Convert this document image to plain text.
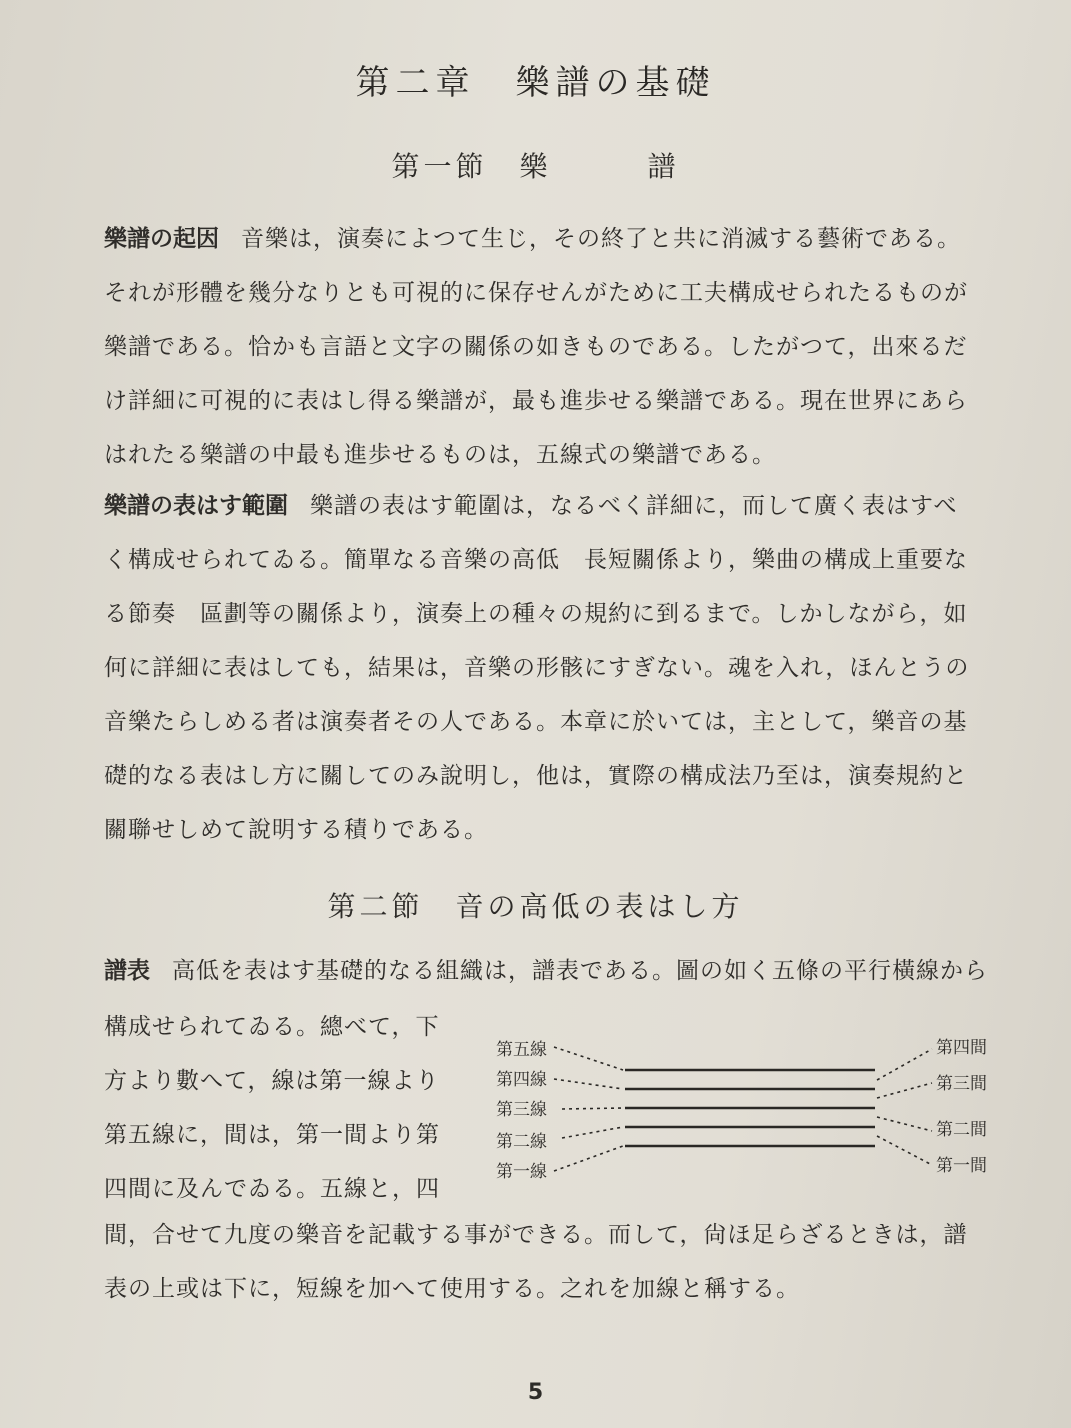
第二章　樂譜の基礎
第一節　樂　　　譜
樂譜の起因 音樂は，演奏によつて生じ，その終了と共に消滅する藝術である。
それが形體を幾分なりとも可視的に保存せんがために工夫構成せられたるものが
樂譜である。恰かも言語と文字の關係の如きものである。したがつて，出來るだ
け詳細に可視的に表はし得る樂譜が，最も進歩せる樂譜である。現在世界にあら
はれたる樂譜の中最も進歩せるものは，五線式の樂譜である。
樂譜の表はす範圍 樂譜の表はす範圍は，なるべく詳細に，而して廣く表はすべ
く構成せられてゐる。簡單なる音樂の高低　長短關係より，樂曲の構成上重要な
る節奏　區劃等の關係より，演奏上の種々の規約に到るまで。しかしながら，如
何に詳細に表はしても，結果は，音樂の形骸にすぎない。魂を入れ，ほんとうの
音樂たらしめる者は演奏者その人である。本章に於いては，主として，樂音の基
礎的なる表はし方に關してのみ說明し，他は，實際の構成法乃至は，演奏規約と
關聯せしめて說明する積りである。
第二節　音の高低の表はし方
譜表 高低を表はす基礎的なる組織は，譜表である。圖の如く五條の平行橫線から
構成せられてゐる。總べて，下
方より數へて，線は第一線より
第五線に，間は，第一間より第
四間に及んでゐる。五線と，四
第五線
第四線
第三線
第二線
第一線
第四間
第三間
第二間
第一間
間，合せて九度の樂音を記載する事ができる。而して，尙ほ足らざるときは，譜
表の上或は下に，短線を加へて使用する。之れを加線と稱する。
5
